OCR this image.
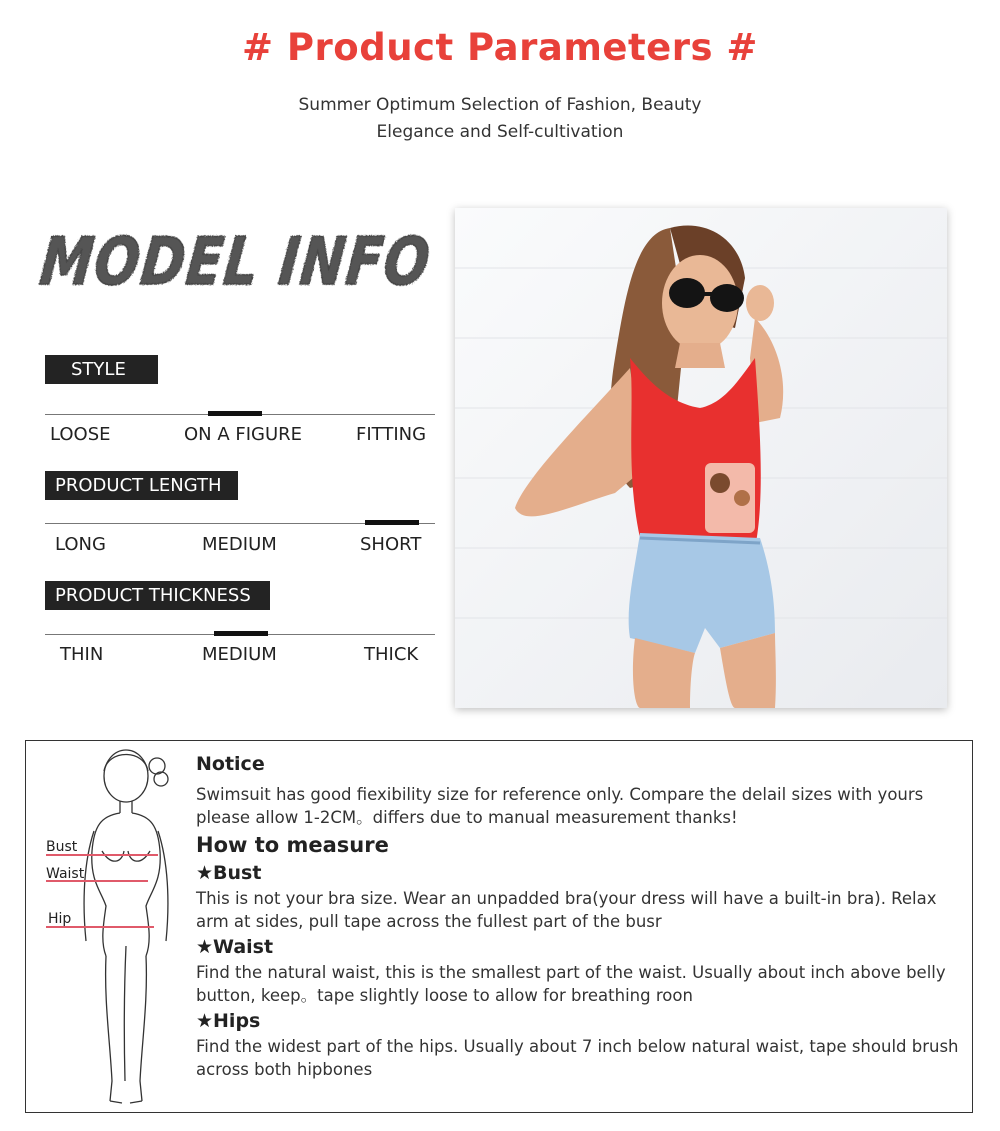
# Product Parameters #
Summer Optimum Selection of Fashion, Beauty
Elegance and Self-cultivation
MODEL INFO
STYLE
LOOSE	ON A FIGURE	FITTING
PRODUCT LENGTH
LONG	MEDIUM	SHORT
PRODUCT THICKNESS
THIN	MEDIUM	THICK
Bust
Waist
Hip
Notice

Swimsuit has good fiexibility size for reference only. Compare the delail sizes with yours please allow 1-2CM。differs due to manual measurement thanks!

How to measure
★Bust

This is not your bra size. Wear an unpadded bra(your dress will have a built-in bra). Relax arm at sides, pull tape across the fullest part of the busr

★Waist

Find the natural waist, this is the smallest part of the waist. Usually about inch above belly button, keep。tape slightly loose to allow for breathing roon

★Hips

Find the widest part of the hips. Usually about 7 inch below natural waist, tape should brush across both hipbones
